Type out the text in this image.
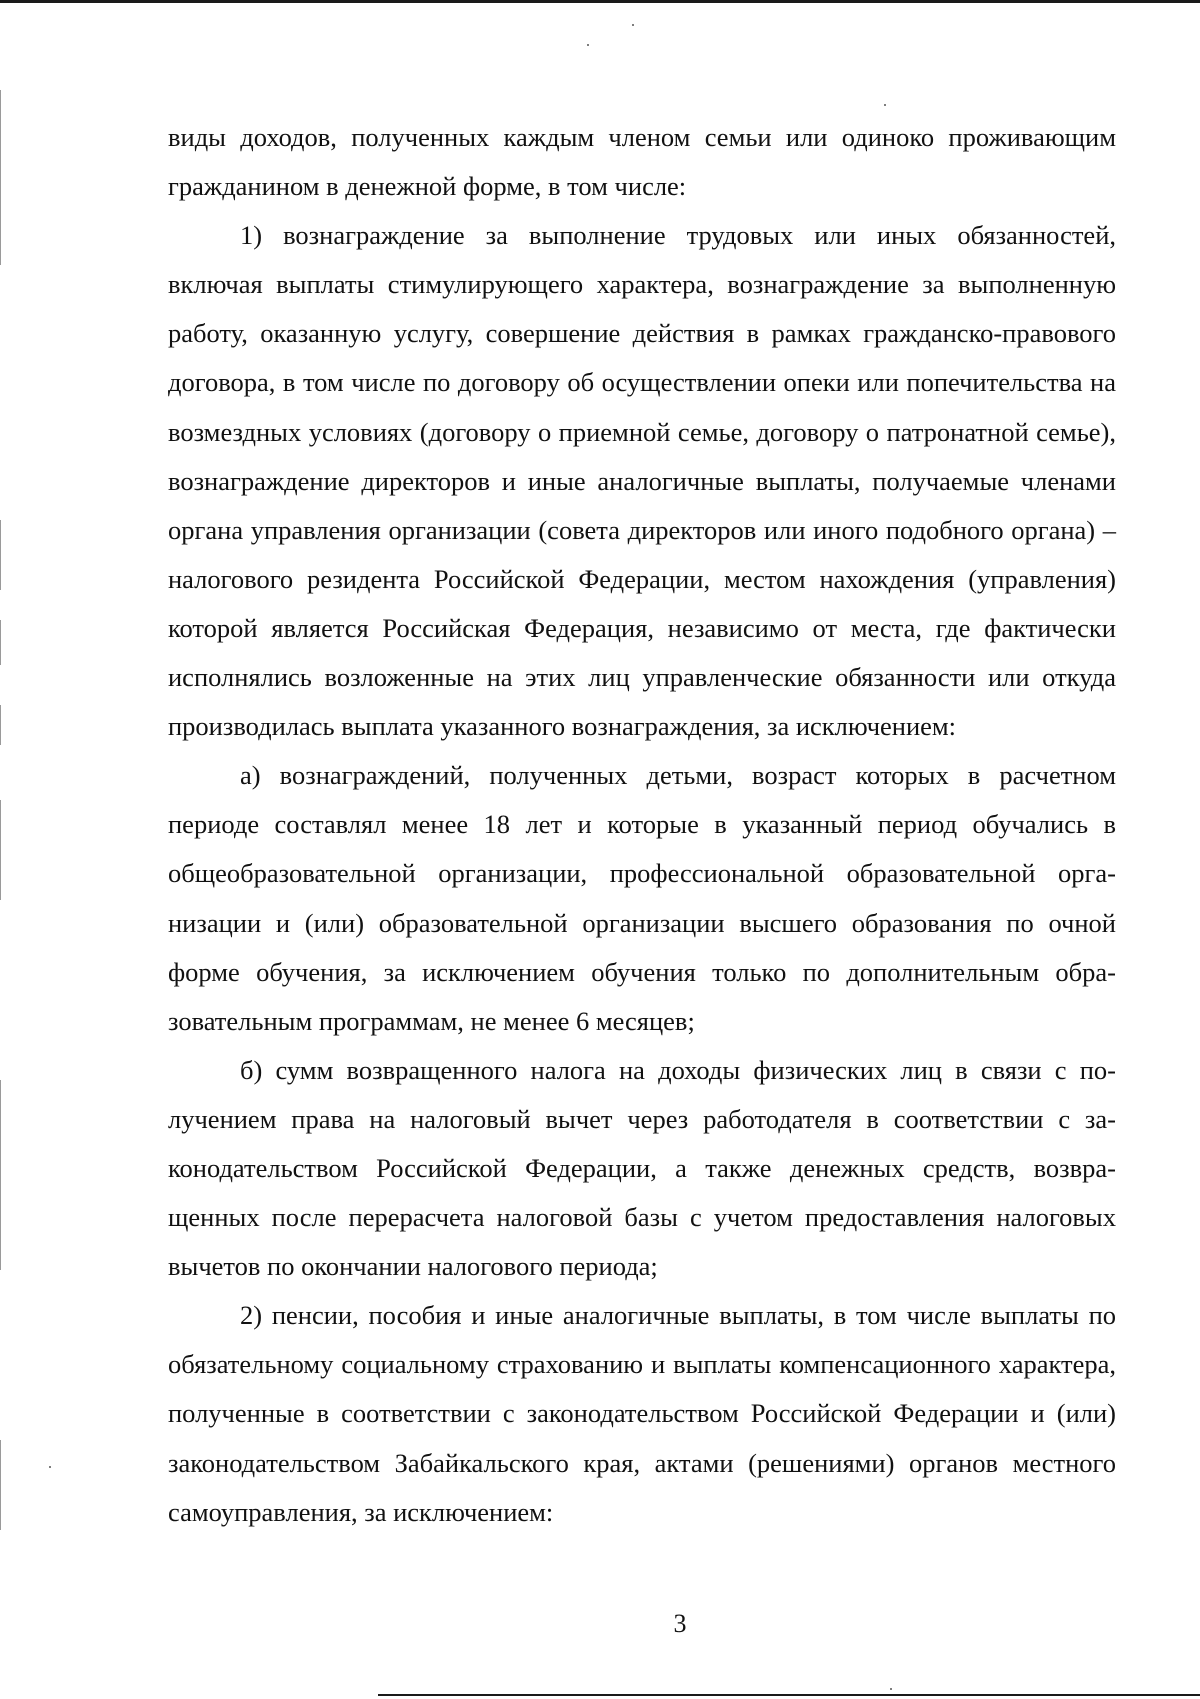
виды доходов, полученных каждым членом семьи или одиноко проживающим гражданином в денежной форме, в том числе:

1) вознаграждение за выполнение трудовых или иных обязанностей, включая выплаты стимулирующего характера, вознаграждение за выполненную работу, оказанную услугу, совершение действия в рамках гражданско-правового договора, в том числе по договору об осуществлении опеки или попечительства на возмездных условиях (договору о приемной семье, договору о патронатной семье), вознаграждение директоров и иные аналогичные выплаты, получаемые членами органа управления организации (совета директоров или иного подобного органа) – налогового резидента Российской Федерации, местом нахождения (управления) которой является Российская Федерация, независимо от места, где фактически исполнялись возложенные на этих лиц управленческие обязанности или откуда производилась выплата указанного вознаграждения, за исключением:

а) вознаграждений, полученных детьми, возраст которых в расчетном периоде составлял менее 18 лет и которые в указанный период обучались в общеобразовательной организации, профессиональной образовательной организации и (или) образовательной организации высшего образования по очной форме обучения, за исключением обучения только по дополнительным образовательным программам, не менее 6 месяцев;

б) сумм возвращенного налога на доходы физических лиц в связи с получением права на налоговый вычет через работодателя в соответствии с законодательством Российской Федерации, а также денежных средств, возвращенных после перерасчета налоговой базы с учетом предоставления налоговых вычетов по окончании налогового периода;

2) пенсии, пособия и иные аналогичные выплаты, в том числе выплаты по обязательному социальному страхованию и выплаты компенсационного характера, полученные в соответствии с законодательством Российской Федерации и (или) законодательством Забайкальского края, актами (решениями) органов местного самоуправления, за исключением:

3
